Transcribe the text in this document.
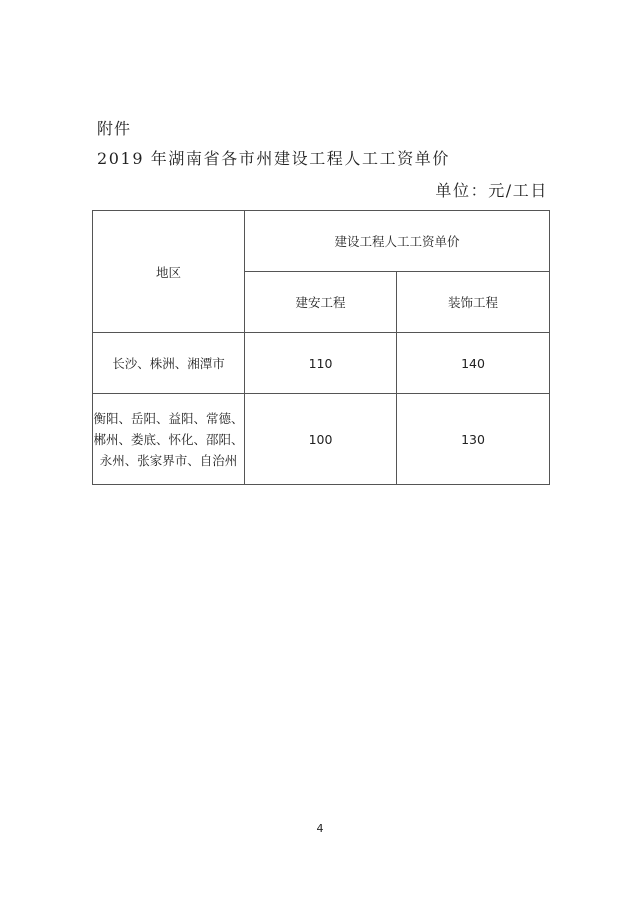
附件
2019 年湖南省各市州建设工程人工工资单价
单位：元/工日
地区	建设工程人工工资单价	
	建安工程	装饰工程
长沙、株洲、湘潭市	110	140
衡阳、岳阳、益阳、常德、郴州、娄底、怀化、邵阳、永州、张家界市、自治州	100	130
4
